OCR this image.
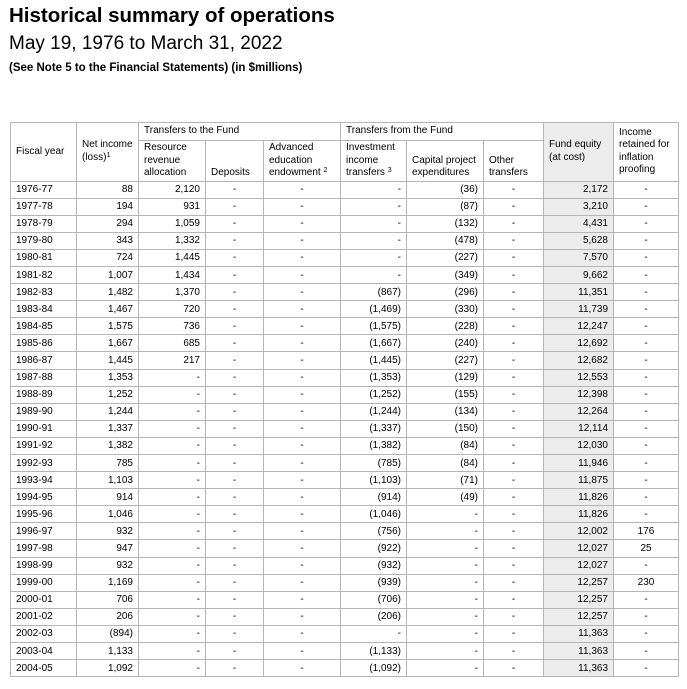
Historical summary of operations
May 19, 1976 to March 31, 2022
(See Note 5 to the Financial Statements) (in $millions)
Fiscal year	Net income (loss)$^1$	Transfers to the Fund			Transfers from the Fund			Fund equity (at cost)	Income retained for inflation proofing
		Resource revenue allocation	Deposits	Advanced education endowment $^2$	Investment income transfers $^3$	Capital project expenditures	Other transfers		
1976-77	88	2,120	-	-	-	(36)	-	2,172	-
1977-78	194	931	-	-	-	(87)	-	3,210	-
1978-79	294	1,059	-	-	-	(132)	-	4,431	-
1979-80	343	1,332	-	-	-	(478)	-	5,628	-
1980-81	724	1,445	-	-	-	(227)	-	7,570	-
1981-82	1,007	1,434	-	-	-	(349)	-	9,662	-
1982-83	1,482	1,370	-	-	(867)	(296)	-	11,351	-
1983-84	1,467	720	-	-	(1,469)	(330)	-	11,739	-
1984-85	1,575	736	-	-	(1,575)	(228)	-	12,247	-
1985-86	1,667	685	-	-	(1,667)	(240)	-	12,692	-
1986-87	1,445	217	-	-	(1,445)	(227)	-	12,682	-
1987-88	1,353	-	-	-	(1,353)	(129)	-	12,553	-
1988-89	1,252	-	-	-	(1,252)	(155)	-	12,398	-
1989-90	1,244	-	-	-	(1,244)	(134)	-	12,264	-
1990-91	1,337	-	-	-	(1,337)	(150)	-	12,114	-
1991-92	1,382	-	-	-	(1,382)	(84)	-	12,030	-
1992-93	785	-	-	-	(785)	(84)	-	11,946	-
1993-94	1,103	-	-	-	(1,103)	(71)	-	11,875	-
1994-95	914	-	-	-	(914)	(49)	-	11,826	-
1995-96	1,046	-	-	-	(1,046)	-	-	11,826	-
1996-97	932	-	-	-	(756)	-	-	12,002	176
1997-98	947	-	-	-	(922)	-	-	12,027	25
1998-99	932	-	-	-	(932)	-	-	12,027	-
1999-00	1,169	-	-	-	(939)	-	-	12,257	230
2000-01	706	-	-	-	(706)	-	-	12,257	-
2001-02	206	-	-	-	(206)	-	-	12,257	-
2002-03	(894)	-	-	-	-	-	-	11,363	-
2003-04	1,133	-	-	-	(1,133)	-	-	11,363	-
2004-05	1,092	-	-	-	(1,092)	-	-	11,363	-
